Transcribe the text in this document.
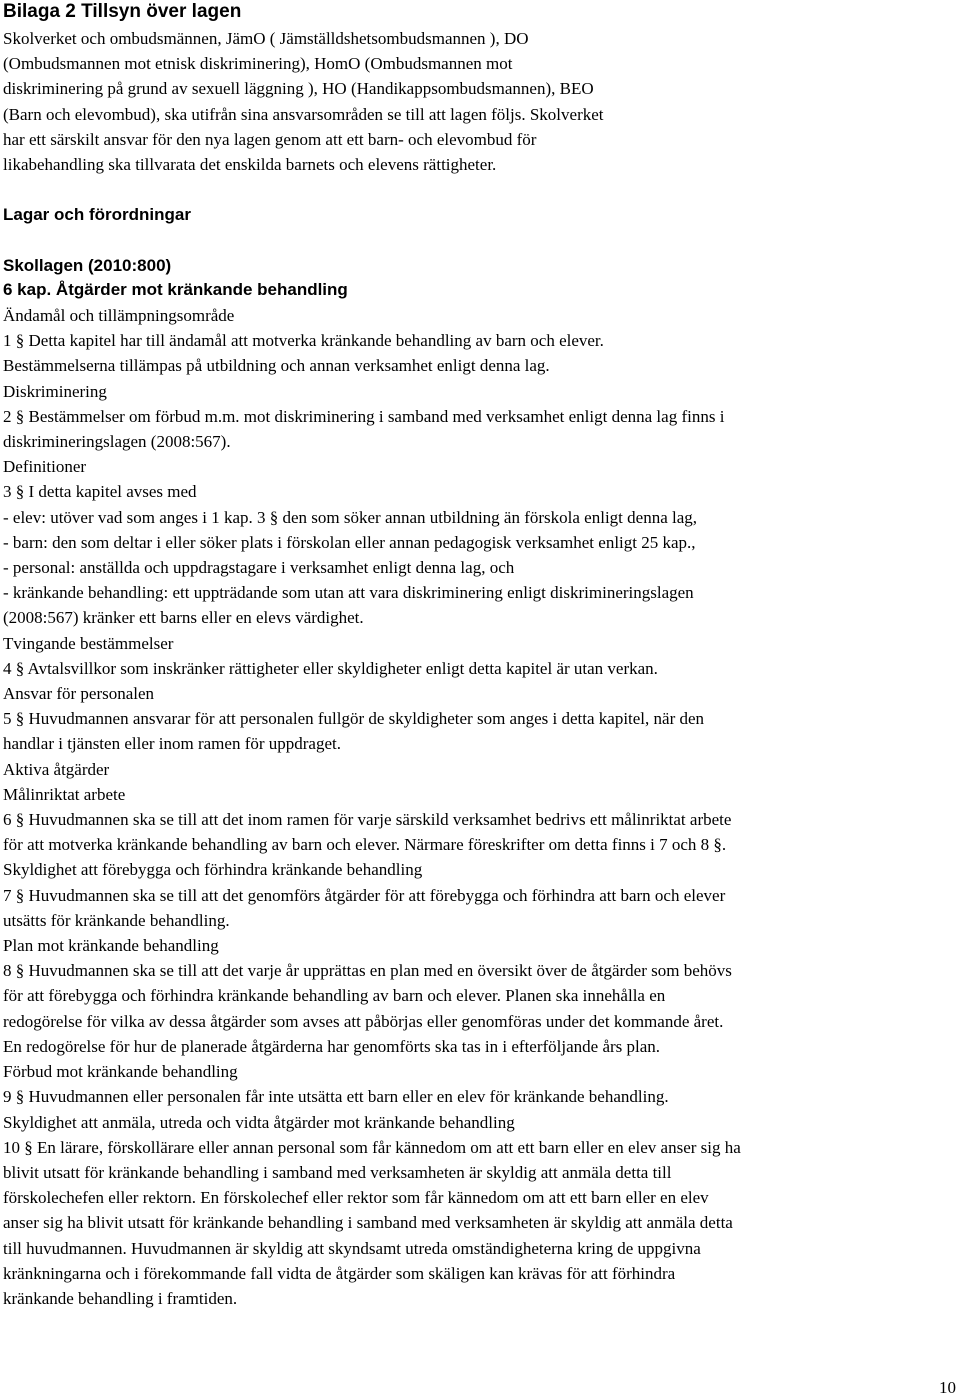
Bilaga 2 Tillsyn över lagen

Skolverket och ombudsmännen, JämO ( Jämställdshetsombudsmannen ), DO

(Ombudsmannen mot etnisk diskriminering), HomO (Ombudsmannen mot

diskriminering på grund av sexuell läggning ), HO (Handikappsombudsmannen), BEO

(Barn och elevombud), ska utifrån sina ansvarsområden se till att lagen följs. Skolverket

har ett särskilt ansvar för den nya lagen genom att ett barn- och elevombud för

likabehandling ska tillvarata det enskilda barnets och elevens rättigheter.

Lagar och förordningar
Skollagen (2010:800)
6 kap. Åtgärder mot kränkande behandling

Ändamål och tillämpningsområde

1 § Detta kapitel har till ändamål att motverka kränkande behandling av barn och elever.

Bestämmelserna tillämpas på utbildning och annan verksamhet enligt denna lag.

Diskriminering

2 § Bestämmelser om förbud m.m. mot diskriminering i samband med verksamhet enligt denna lag finns i

diskrimineringslagen (2008:567).

Definitioner

3 § I detta kapitel avses med

- elev: utöver vad som anges i 1 kap. 3 § den som söker annan utbildning än förskola enligt denna lag,

- barn: den som deltar i eller söker plats i förskolan eller annan pedagogisk verksamhet enligt 25 kap.,

- personal: anställda och uppdragstagare i verksamhet enligt denna lag, och

- kränkande behandling: ett uppträdande som utan att vara diskriminering enligt diskrimineringslagen

(2008:567) kränker ett barns eller en elevs värdighet.

Tvingande bestämmelser

4 § Avtalsvillkor som inskränker rättigheter eller skyldigheter enligt detta kapitel är utan verkan.

Ansvar för personalen

5 § Huvudmannen ansvarar för att personalen fullgör de skyldigheter som anges i detta kapitel, när den

handlar i tjänsten eller inom ramen för uppdraget.

Aktiva åtgärder

Målinriktat arbete

6 § Huvudmannen ska se till att det inom ramen för varje särskild verksamhet bedrivs ett målinriktat arbete

för att motverka kränkande behandling av barn och elever. Närmare föreskrifter om detta finns i 7 och 8 §.

Skyldighet att förebygga och förhindra kränkande behandling

7 § Huvudmannen ska se till att det genomförs åtgärder för att förebygga och förhindra att barn och elever

utsätts för kränkande behandling.

Plan mot kränkande behandling

8 § Huvudmannen ska se till att det varje år upprättas en plan med en översikt över de åtgärder som behövs

för att förebygga och förhindra kränkande behandling av barn och elever. Planen ska innehålla en

redogörelse för vilka av dessa åtgärder som avses att påbörjas eller genomföras under det kommande året.

En redogörelse för hur de planerade åtgärderna har genomförts ska tas in i efterföljande års plan.

Förbud mot kränkande behandling

9 § Huvudmannen eller personalen får inte utsätta ett barn eller en elev för kränkande behandling.

Skyldighet att anmäla, utreda och vidta åtgärder mot kränkande behandling

10 § En lärare, förskollärare eller annan personal som får kännedom om att ett barn eller en elev anser sig ha

blivit utsatt för kränkande behandling i samband med verksamheten är skyldig att anmäla detta till

förskolechefen eller rektorn. En förskolechef eller rektor som får kännedom om att ett barn eller en elev

anser sig ha blivit utsatt för kränkande behandling i samband med verksamheten är skyldig att anmäla detta

till huvudmannen. Huvudmannen är skyldig att skyndsamt utreda omständigheterna kring de uppgivna

kränkningarna och i förekommande fall vidta de åtgärder som skäligen kan krävas för att förhindra

kränkande behandling i framtiden.

10
